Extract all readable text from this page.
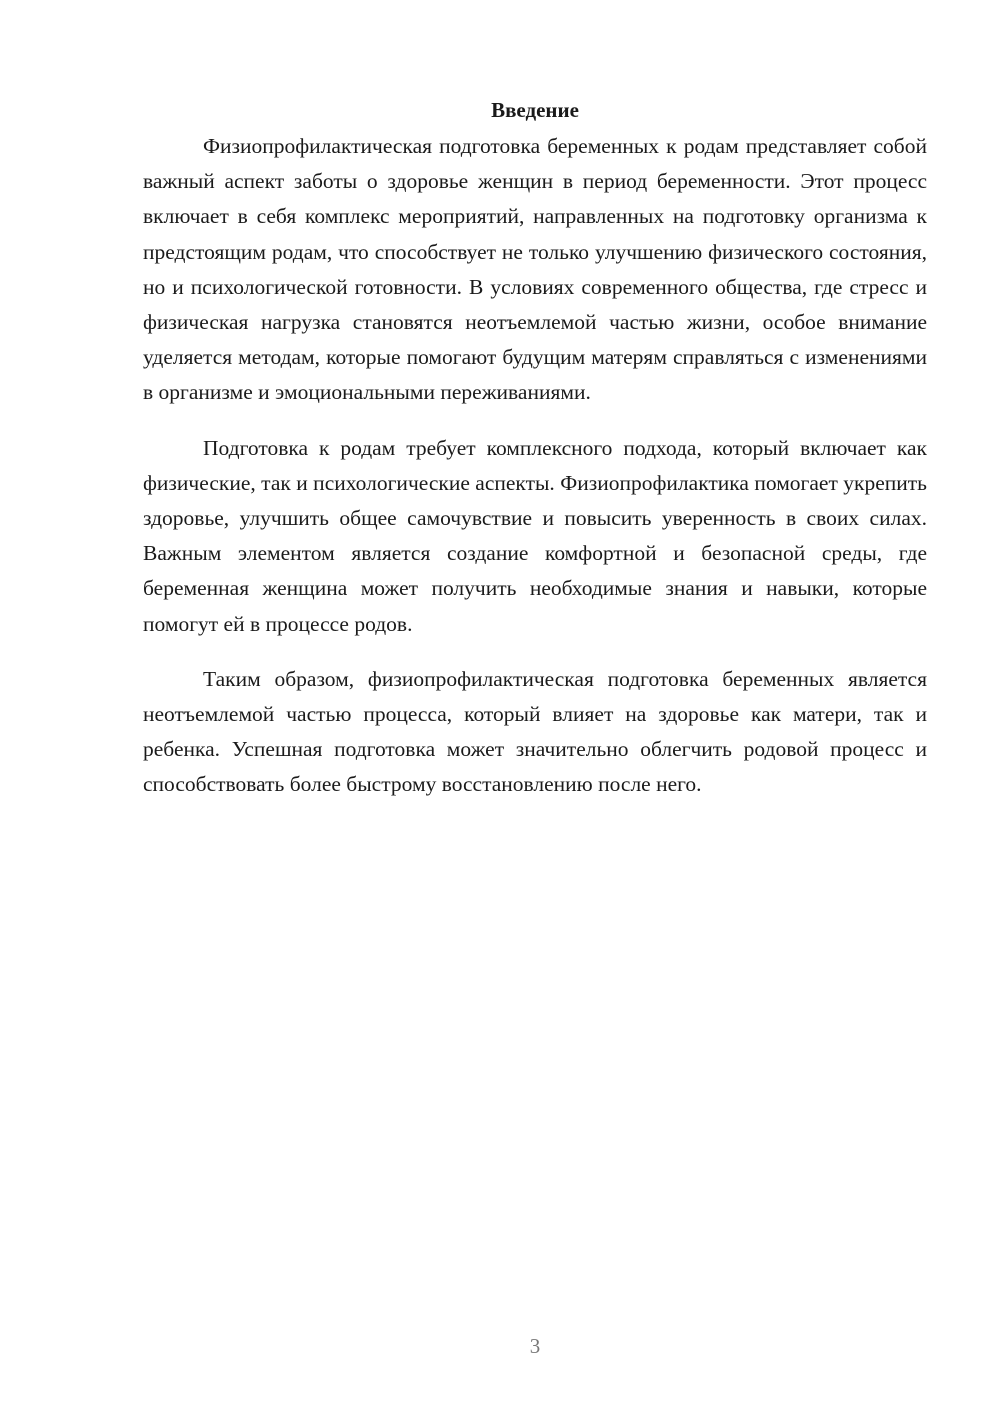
Введение

Физиопрофилактическая подготовка беременных к родам представляет собой важный аспект заботы о здоровье женщин в период беременности. Этот процесс включает в себя комплекс мероприятий, направленных на подготовку организма к предстоящим родам, что способствует не только улучшению физического состояния, но и психологической готовности. В условиях современного общества, где стресс и физическая нагрузка становятся неотъемлемой частью жизни, особое внимание уделяется методам, которые помогают будущим матерям справляться с изменениями в организме и эмоциональными переживаниями.

Подготовка к родам требует комплексного подхода, который включает как физические, так и психологические аспекты. Физиопрофилактика помогает укрепить здоровье, улучшить общее самочувствие и повысить уверенность в своих силах. Важным элементом является создание комфортной и безопасной среды, где беременная женщина может получить необходимые знания и навыки, которые помогут ей в процессе родов.

Таким образом, физиопрофилактическая подготовка беременных является неотъемлемой частью процесса, который влияет на здоровье как матери, так и ребенка. Успешная подготовка может значительно облегчить родовой процесс и способствовать более быстрому восстановлению после него.

3
